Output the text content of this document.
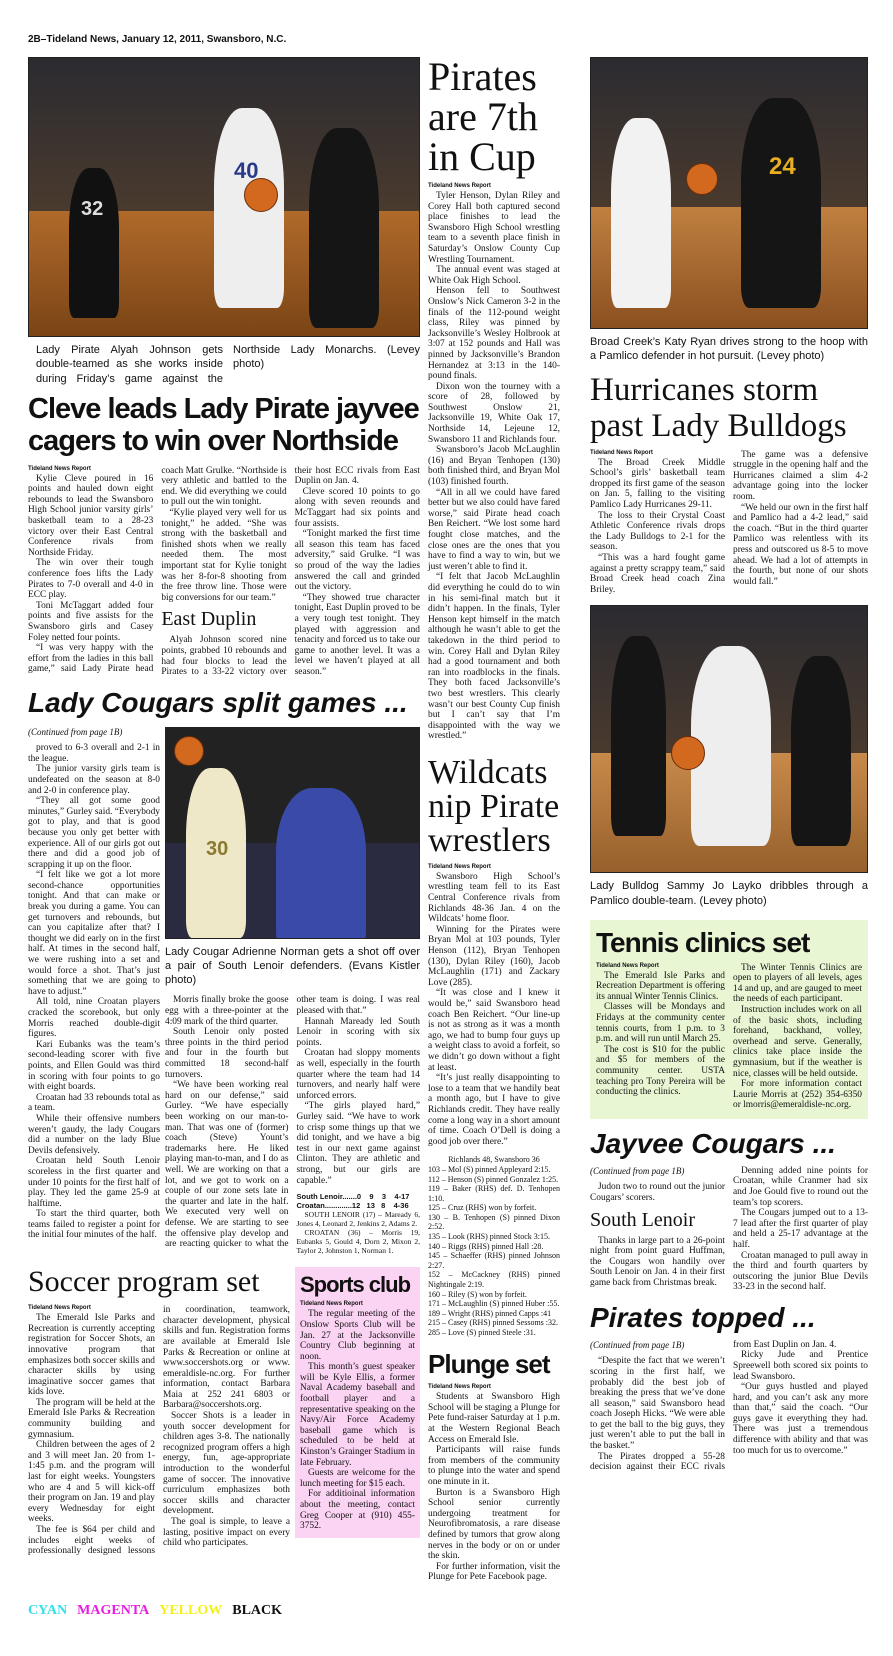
2B–Tideland News, January 12, 2011, Swansboro, N.C.
40
32
Lady Pirate Alyah Johnson gets double-teamed as she works inside during Friday’s game against the Northside Lady Monarchs. (Levey photo)
Cleve leads Lady Pirate jayvee
cagers to win over Northside
Tideland News Report

Kylie Cleve poured in 16 points and hauled down eight rebounds to lead the Swansboro High School junior varsity girls’ basketball team to a 28-23 victory over their East Central Conference rivals from Northside Friday.

The win over their tough conference foes lifts the Lady Pirates to 7-0 overall and 4-0 in ECC play.

Toni McTaggart added four points and five assists for the Swansboro girls and Casey Foley netted four points.

“I was very happy with the effort from the ladies in this ball game,” said Lady Pirate head coach Matt Grulke. “Northside is very athletic and battled to the end. We did everything we could to pull out the win tonight.

“Kylie played very well for us tonight,” he added. “She was strong with the basketball and finished shots when we really needed them. The most important stat for Kylie tonight was her 8-for-8 shooting from the free throw line. Those were big conversions for our team.”

East Duplin

Alyah Johnson scored nine points, grabbed 10 rebounds and had four blocks to lead the Pirates to a 33-22 victory over their host ECC rivals from East Duplin on Jan. 4.

Cleve scored 10 points to go along with seven reounds and McTaggart had six points and four assists.

“Tonight marked the first time all season this team has faced adversity,” said Grulke. “I was so proud of the way the ladies answered the call and grinded out the victory.

“They showed true character tonight, East Duplin proved to be a very tough test tonight. They played with aggression and tenacity and forced us to take our game to another level. It was a level we haven’t played at all season.”

Lady Cougars split games ...
(Continued from page 1B)

proved to 6-3 overall and 2-1 in the league.

The junior varsity girls team is undefeated on the season at 8-0 and 2-0 in conference play.

“They all got some good minutes,” Gurley said. “Everybody got to play, and that is good because you only get better with experience. All of our girls got out there and did a good job of scrapping it up on the floor.

“I felt like we got a lot more second-chance opportunities tonight. And that can make or break you during a game. You can get turnovers and rebounds, but can you capitalize after that? I thought we did early on in the first half. At times in the second half, we were rushing into a set and would force a shot. That’s just something that we are going to have to adjust.”

All told, nine Croatan players cracked the scorebook, but only Morris reached double-digit figures.

Kari Eubanks was the team’s second-leading scorer with five points, and Ellen Gould was third in scoring with four points to go with eight boards.

Croatan had 33 rebounds total as a team.

While their offensive numbers weren’t gaudy, the lady Cougars did a number on the lady Blue Devils defensively.

Croatan held South Lenoir scoreless in the first quarter and under 10 points for the first half of play. They led the game 25-9 at halftime.

To start the third quarter, both teams failed to register a point for the initial four minutes of the half.

30
Lady Cougar Adrienne Norman gets a shot off over a pair of South Lenoir defenders. (Evans Kistler photo)

Morris finally broke the goose egg with a three-pointer at the 4:09 mark of the third quarter.

South Lenoir only posted three points in the third period and four in the fourth but committed 18 second-half turnovers.

“We have been working real hard on our defense,” said Gurley. “We have especially been working on our man-to-man. That was one of (former) coach (Steve) Yount’s trademarks here. He liked playing man-to-man, and I do as well. We are working on that a lot, and we got to work on a couple of our zone sets late in the quarter and late in the half. We executed very well on defense. We are starting to see the offensive play develop and are reacting quicker to what the other team is doing. I was real pleased with that.”

Hannah Maready led South Lenoir in scoring with six points.

Croatan had sloppy moments as well, especially in the fourth quarter where the team had 14 turnovers, and nearly half were unforced errors.

“The girls played hard,” Gurley said. “We have to work to crisp some things up that we did tonight, and we have a big test in our next game against Clinton. They are athletic and strong, but our girls are capable.”

South Lenoir.......0    9    3    4-17
Croatan.............12   13   8    4-36

SOUTH LENOIR (17) – Maready 6, Jones 4, Leonard 2, Jenkins 2, Adams 2.

CROATAN (36) – Morris 19, Eubanks 5, Gould 4, Dorn 2, Mixon 2, Taylor 2, Johnston 1, Norman 1.

Soccer program set
Tideland News Report

The Emerald Isle Parks and Recreation is currently accepting registration for Soccer Shots, an innovative program that emphasizes both soccer skills and character skills by using imaginative soccer games that kids love.

The program will be held at the Emerald Isle Parks & Recreation community building and gymnasium.

Children between the ages of 2 and 3 will meet Jan. 20 from 1-1:45 p.m. and the program will last for eight weeks. Youngsters who are 4 and 5 will kick-off their program on Jan. 19 and play every Wednesday for eight weeks.

The fee is $64 per child and includes eight weeks of professionally designed lessons in coordination, teamwork, character development, physical skills and fun. Registration forms are available at Emerald Isle Parks & Recreation or online at www.soccershots.org or www. emeraldisle-nc.org. For further information, contact Barbara Maia at 252 241 6803 or Barbara@soccershots.org.

Soccer Shots is a leader in youth soccer development for children ages 3-8. The nationally recognized program offers a high energy, fun, age-appropriate introduction to the wonderful game of soccer. The innovative curriculum emphasizes both soccer skills and character development.

The goal is simple, to leave a lasting, positive impact on every child who participates.

Sports club
Tideland News Report

The regular meeting of the Onslow Sports Club will be Jan. 27 at the Jacksonville Country Club beginning at noon.

This month’s guest speaker will be Kyle Ellis, a former Naval Academy baseball and football player and a representative speaking on the Navy/Air Force Academy baseball game which is scheduled to be held at Kinston’s Grainger Stadium in late February.

Guests are welcome for the lunch meeting for $15 each.

For additioinal information about the meeting, contact Greg Cooper at (910) 455-3752.

Pirates are 7th in Cup
Tideland News Report

Tyler Henson, Dylan Riley and Corey Hall both captured second place finishes to lead the Swansboro High School wrestling team to a seventh place finish in Saturday’s Onslow County Cup Wrestling Tournament.

The annual event was staged at White Oak High School.

Henson fell to Southwest Onslow’s Nick Cameron 3-2 in the finals of the 112-pound weight class, Riley was pinned by Jacksonville’s Wesley Holbrook at 3:07 at 152 pounds and Hall was pinned by Jacksonville’s Brandon Hernandez at 3:13 in the 140-pound finals.

Dixon won the tourney with a score of 28, followed by Southwest Onslow 21, Jacksonville 19, White Oak 17, Northside 14, Lejeune 12, Swansboro 11 and Richlands four.

Swansboro’s Jacob McLaughlin (16) and Bryan Tenhopen (130) both finished third, and Bryan Mol (103) finished fourth.

“All in all we could have fared better but we also could have fared worse,” said Pirate head coach Ben Reichert. “We lost some hard fought close matches, and the close ones are the ones that you have to find a way to win, but we just weren’t able to find it.

“I felt that Jacob McLaughlin did everything he could do to win in his semi-final match but it didn’t happen. In the finals, Tyler Henson kept himself in the match although he wasn’t able to get the takedown in the third period to win. Corey Hall and Dylan Riley had a good tournament and both ran into roadblocks in the finals. They both faced Jacksonville’s two best wrestlers. This clearly wasn’t our best County Cup finish but I can’t say that I’m disappointed with the way we wrestled.”

Wildcats nip Pirate wrestlers
Tideland News Report

Swansboro High School’s wrestling team fell to its East Central Conference rivals from Richlands 48-36 Jan. 4 on the Wildcats’ home floor.

Winning for the Pirates were Bryan Mol at 103 pounds, Tyler Henson (112), Bryan Tenhopen (130), Dylan Riley (160), Jacob McLaughlin (171) and Zackary Love (285).

“It was close and I knew it would be,” said Swansboro head coach Ben Reichert. “Our line-up is not as strong as it was a month ago, we had to bump four guys up a weight class to avoid a forfeit, so we didn’t go down without a fight at least.

“It’s just really disappointing to lose to a team that we handily beat a month ago, but I have to give Richlands credit. They have really come a long way in a short amount of time. Coach O’Dell is doing a good job over there.”

Richlands 48, Swansboro 36
103 – Mol (S) pinned Appleyard 2:15.
112 – Henson (S) pinned Gonzalez 1:25.
119 – Baker (RHS) def. D. Tenhopen 1:10.
125 – Cruz (RHS) won by forfeit.
130 – B. Tenhopen (S) pinned Dixon 2:52.
135 – Look (RHS) pinned Stock 3:15.
140 – Riggs (RHS) pinned Hall :28.
145 – Schaeffer (RHS) pinned Johnson 2:27.
152 – McCackney (RHS) pinned Nightingale 2:19.
160 – Riley (S) won by forfeit.
171 – McLaughlin (S) pinned Huber :55.
189 – Wright (RHS) pinned Capps :41
215 – Casey (RHS) pinned Sessoms :32.
285 – Love (S) pinned Steele :31.
Plunge set
Tideland News Report

Students at Swansboro High School will be staging a Plunge for Pete fund-raiser Saturday at 1 p.m. at the Western Regional Beach Access on Emerald Isle.

Participants will raise funds from members of the community to plunge into the water and spend one minute in it.

Burton is a Swansboro High School senior currently undergoing treatment for Neurofibromatosis, a rare disease defined by tumors that grow along nerves in the body or on or under the skin.

For further information, visit the Plunge for Pete Facebook page.

24
Broad Creek’s Katy Ryan drives strong to the hoop with a Pamlico defender in hot pursuit. (Levey photo)
Hurricanes storm past Lady Bulldogs
Tideland News Report

The Broad Creek Middle School’s girls’ basketball team dropped its first game of the season on Jan. 5, falling to the visiting Pamlico Lady Hurricanes 29-11.

The loss to their Crystal Coast Athletic Conference rivals drops the Lady Bulldogs to 2-1 for the season.

“This was a hard fought game against a pretty scrappy team,” said Broad Creek head coach Zina Briley.

The game was a defensive struggle in the opening half and the Hurricanes claimed a slim 4-2 advantage going into the locker room.

“We held our own in the first half and Pamlico had a 4-2 lead,” said the coach. “But in the third quarter Pamlico was relentless with its press and outscored us 8-5 to move ahead. We had a lot of attempts in the fourth, but none of our shots would fall.”

Lady Bulldog Sammy Jo Layko dribbles through a Pamlico double-team. (Levey photo)
Tennis clinics set
Tideland News Report

The Emerald Isle Parks and Recreation Department is offering its annual Winter Tennis Clinics.

Classes will be Mondays and Fridays at the community center tennis courts, from 1 p.m. to 3 p.m. and will run until March 25.

The cost is $10 for the public and $5 for members of the community center. USTA teaching pro Tony Pereira will be conducting the clinics.

The Winter Tennis Clinics are open to players of all levels, ages 14 and up, and are gauged to meet the needs of each participant.

Instruction includes work on all of the basic shots, including forehand, backhand, volley, overhead and serve. Generally, clinics take place inside the gymnasium, but if the weather is nice, classes will be held outside.

For more information contact Laurie Morris at (252) 354-6350 or lmorris@emeraldisle-nc.org.

Jayvee Cougars ...
(Continued from page 1B)

Judon two to round out the junior Cougars’ scorers.

South Lenoir

Thanks in large part to a 26-point night from point guard Huffman, the Cougars won handily over South Lenoir on Jan. 4 in their first game back from Christmas break.

Denning added nine points for Croatan, while Cranmer had six and Joe Gould five to round out the team’s top scorers.

The Cougars jumped out to a 13-7 lead after the first quarter of play and held a 25-17 advantage at the half.

Croatan managed to pull away in the third and fourth quarters by outscoring the junior Blue Devils 33-23 in the second half.

Pirates topped ...
(Continued from page 1B)

“Despite the fact that we weren’t scoring in the first half, we probably did the best job of breaking the press that we’ve done all season,” said Swansboro head coach Joseph Hicks. “We were able to get the ball to the big guys, they just weren’t able to put the ball in the basket.”

The Pirates dropped a 55-28 decision against their ECC rivals from East Duplin on Jan. 4.

Ricky Jude and Prentice Spreewell both scored six points to lead Swansboro.

“Our guys hustled and played hard, and you can’t ask any more than that,” said the coach. “Our guys gave it everything they had. There was just a tremendous difference with ability and that was too much for us to overcome.”

CYAN MAGENTA YELLOW BLACK
